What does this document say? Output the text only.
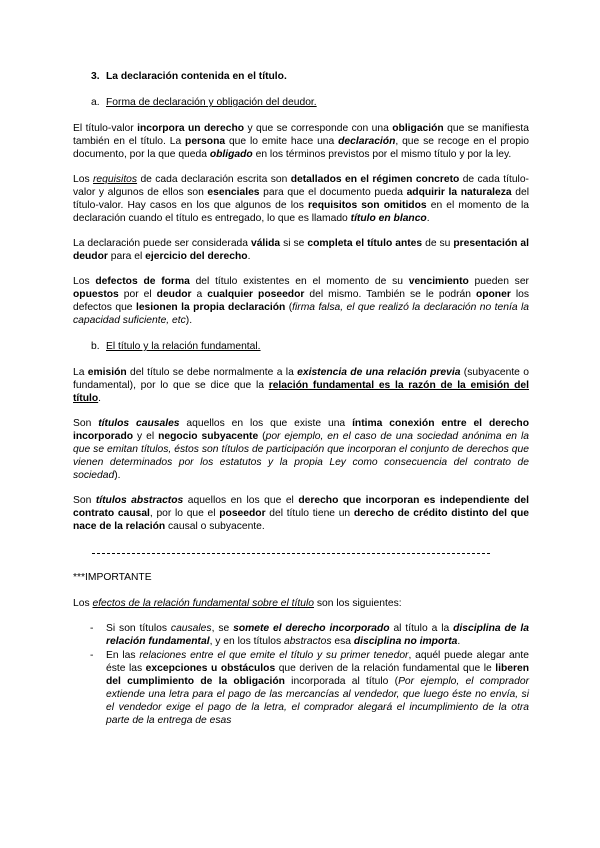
3. La declaración contenida en el título.
a. Forma de declaración y obligación del deudor.

El título-valor incorpora un derecho y que se corresponde con una obligación que se manifiesta también en el título. La persona que lo emite hace una declaración, que se recoge en el propio documento, por la que queda obligado en los términos previstos por el mismo título y por la ley.

Los requisitos de cada declaración escrita son detallados en el régimen concreto de cada título-valor y algunos de ellos son esenciales para que el documento pueda adquirir la naturaleza del título-valor. Hay casos en los que algunos de los requisitos son omitidos en el momento de la declaración cuando el título es entregado, lo que es llamado título en blanco.

La declaración puede ser considerada válida si se completa el título antes de su presentación al deudor para el ejercicio del derecho.

Los defectos de forma del título existentes en el momento de su vencimiento pueden ser opuestos por el deudor a cualquier poseedor del mismo. También se le podrán oponer los defectos que lesionen la propia declaración (firma falsa, el que realizó la declaración no tenía la capacidad suficiente, etc).

b. El título y la relación fundamental.

La emisión del título se debe normalmente a la existencia de una relación previa (subyacente o fundamental), por lo que se dice que la relación fundamental es la razón de la emisión del título.

Son títulos causales aquellos en los que existe una íntima conexión entre el derecho incorporado y el negocio subyacente (por ejemplo, en el caso de una sociedad anónima en la que se emitan títulos, éstos son títulos de participación que incorporan el conjunto de derechos que vienen determinados por los estatutos y la propia Ley como consecuencia del contrato de sociedad).

Son títulos abstractos aquellos en los que el derecho que incorporan es independiente del contrato causal, por lo que el poseedor del título tiene un derecho de crédito distinto del que nace de la relación causal o subyacente.

***IMPORTANTE

Los efectos de la relación fundamental sobre el título son los siguientes:

- Si son títulos causales, se somete el derecho incorporado al título a la disciplina de la relación fundamental, y en los títulos abstractos esa disciplina no importa.
- En las relaciones entre el que emite el título y su primer tenedor, aquél puede alegar ante éste las excepciones u obstáculos que deriven de la relación fundamental que le liberen del cumplimiento de la obligación incorporada al título (Por ejemplo, el comprador extiende una letra para el pago de las mercancías al vendedor, que luego éste no envía, si el vendedor exige el pago de la letra, el comprador alegará el incumplimiento de la otra parte de la entrega de esas
